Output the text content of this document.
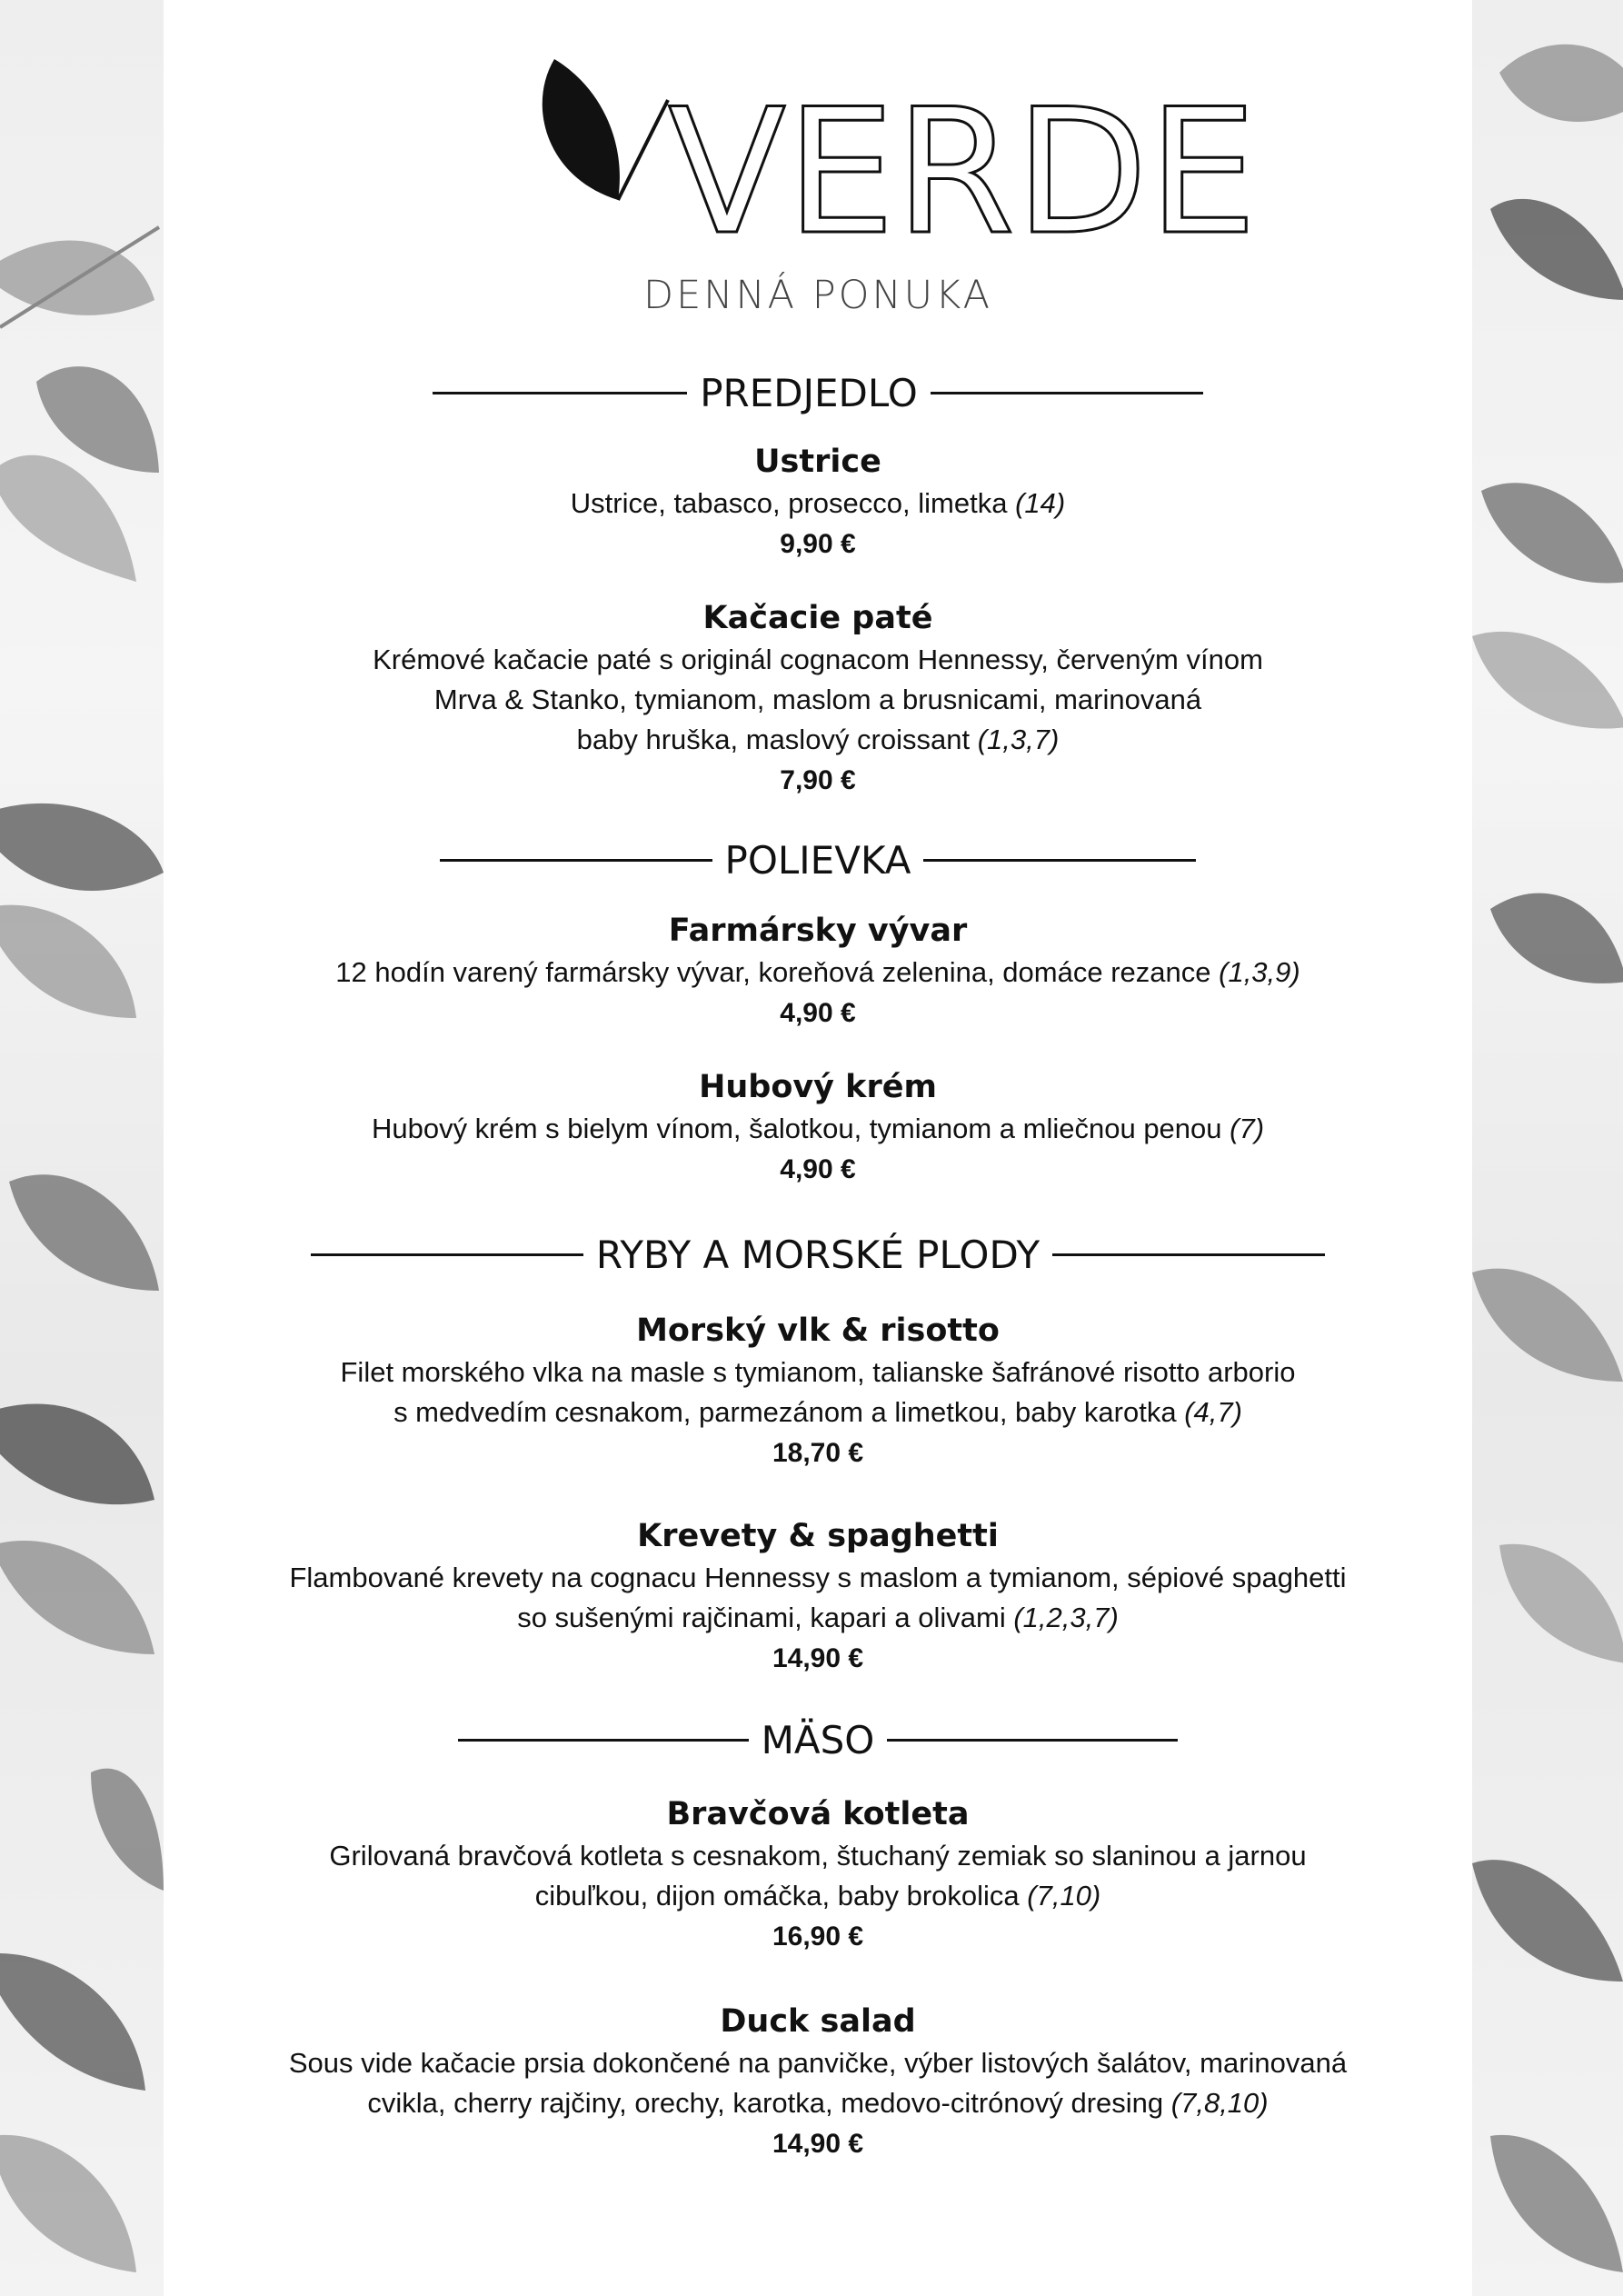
VERDE
DENNÁ PONUKA
PREDJEDLO
Ustrice
Ustrice, tabasco, prosecco, limetka (14)
9,90 €
Kačacie paté
Krémové kačacie paté s originál cognacom Hennessy, červeným vínom
Mrva & Stanko, tymianom, maslom a brusnicami, marinovaná
baby hruška, maslový croissant (1,3,7)
7,90 €
POLIEVKA
Farmársky vývar
12 hodín varený farmársky vývar, koreňová zelenina, domáce rezance (1,3,9)
4,90 €
Hubový krém
Hubový krém s bielym vínom, šalotkou, tymianom a mliečnou penou (7)
4,90 €
RYBY A MORSKÉ PLODY
Morský vlk & risotto
Filet morského vlka na masle s tymianom, talianske šafránové risotto arborio
s medvedím cesnakom, parmezánom a limetkou, baby karotka (4,7)
18,70 €
Krevety & spaghetti
Flambované krevety na cognacu Hennessy s maslom a tymianom, sépiové spaghetti
so sušenými rajčinami, kapari a olivami (1,2,3,7)
14,90 €
MÄSO
Bravčová kotleta
Grilovaná bravčová kotleta s cesnakom, štuchaný zemiak so slaninou a jarnou
cibuľkou, dijon omáčka, baby brokolica (7,10)
16,90 €
Duck salad
Sous vide kačacie prsia dokončené na panvičke, výber listových šalátov, marinovaná
cvikla, cherry rajčiny, orechy, karotka, medovo-citrónový dresing (7,8,10)
14,90 €
